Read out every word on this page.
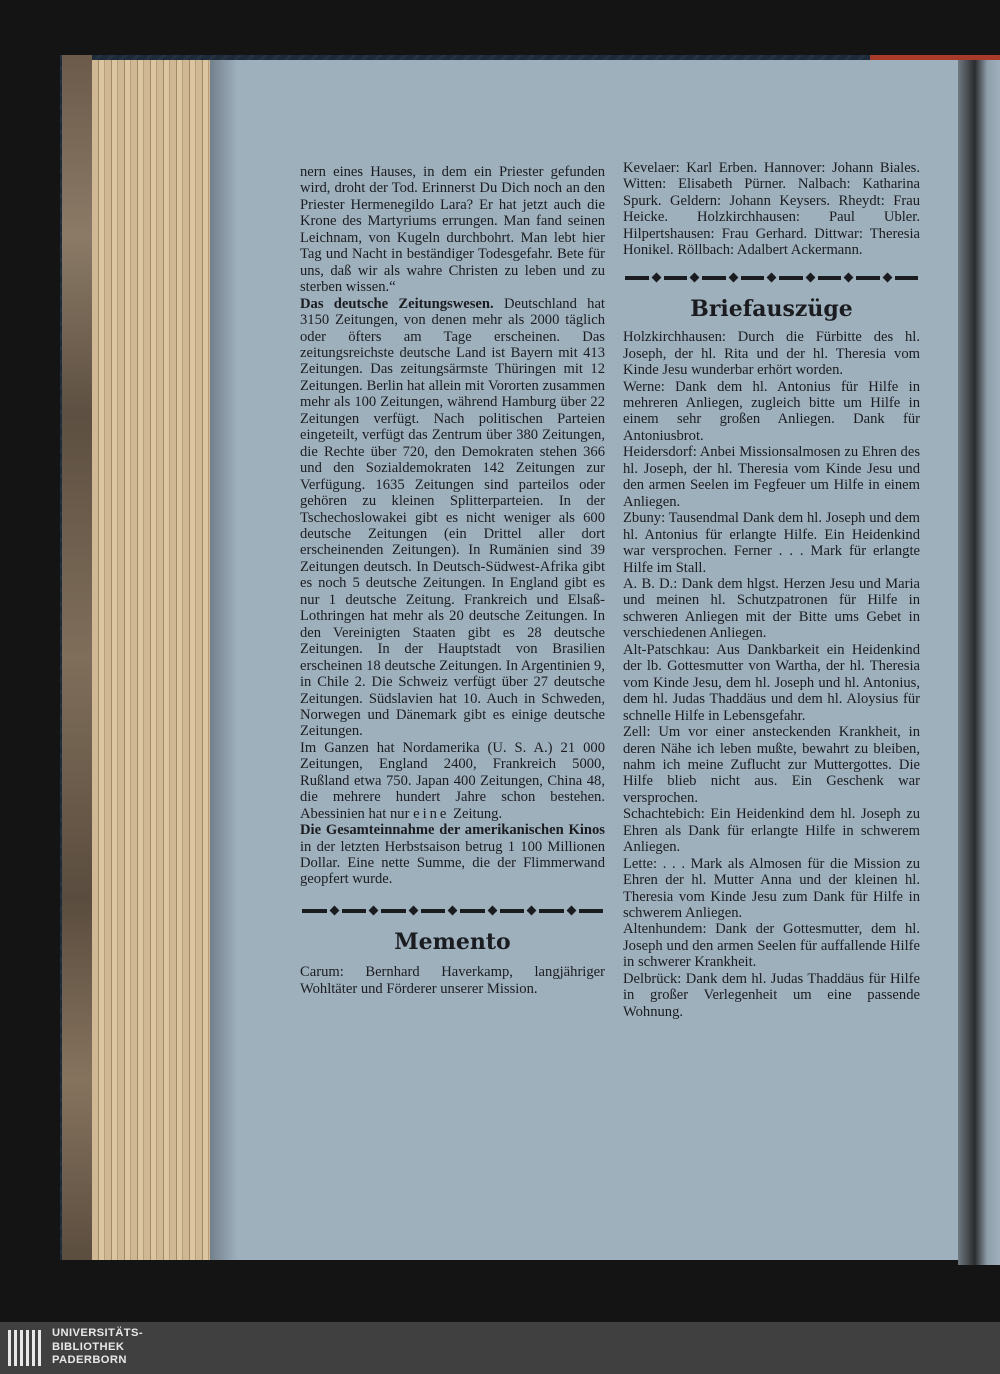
nern eines Hauses, in dem ein Priester gefunden wird, droht der Tod. Erinnerst Du Dich noch an den Priester Hermenegildo Lara? Er hat jetzt auch die Krone des Martyriums errungen. Man fand seinen Leichnam, von Kugeln durchbohrt. Man lebt hier Tag und Nacht in beständiger Todesgefahr. Bete für uns, daß wir als wahre Christen zu leben und zu sterben wissen.“

Das deutsche Zeitungswesen. Deutschland hat 3150 Zeitungen, von denen mehr als 2000 täglich oder öfters am Tage erscheinen. Das zeitungsreichste deutsche Land ist Bayern mit 413 Zeitungen. Das zeitungsärmste Thüringen mit 12 Zeitungen. Berlin hat allein mit Vororten zusammen mehr als 100 Zeitungen, während Hamburg über 22 Zeitungen verfügt. Nach politischen Parteien eingeteilt, verfügt das Zentrum über 380 Zeitungen, die Rechte über 720, den Demokraten stehen 366 und den Sozialdemokraten 142 Zeitungen zur Verfügung. 1635 Zeitungen sind parteilos oder gehören zu kleinen Splitterparteien. In der Tschechoslowakei gibt es nicht weniger als 600 deutsche Zeitungen (ein Drittel aller dort erscheinenden Zeitungen). In Rumänien sind 39 Zeitungen deutsch. In Deutsch-Südwest-Afrika gibt es noch 5 deutsche Zeitungen. In England gibt es nur 1 deutsche Zeitung. Frankreich und Elsaß-Lothringen hat mehr als 20 deutsche Zeitungen. In den Vereinigten Staaten gibt es 28 deutsche Zeitungen. In der Hauptstadt von Brasilien erscheinen 18 deutsche Zeitungen. In Argentinien 9, in Chile 2. Die Schweiz verfügt über 27 deutsche Zeitungen. Südslavien hat 10. Auch in Schweden, Norwegen und Dänemark gibt es einige deutsche Zeitungen.

Im Ganzen hat Nordamerika (U. S. A.) 21 000 Zeitungen, England 2400, Frankreich 5000, Rußland etwa 750. Japan 400 Zeitungen, China 48, die mehrere hundert Jahre schon bestehen. Abessinien hat nur eine Zeitung.

Die Gesamteinnahme der amerikanischen Kinos in der letzten Herbstsaison betrug 1 100 Millionen Dollar. Eine nette Summe, die der Flimmerwand geopfert wurde.

Memento

Carum: Bernhard Haverkamp, langjähriger Wohltäter und Förderer unserer Mission.

Kevelaer: Karl Erben. Hannover: Johann Biales. Witten: Elisabeth Pürner. Nalbach: Katharina Spurk. Geldern: Johann Keysers. Rheydt: Frau Heicke. Holzkirchhausen: Paul Ubler. Hilpertshausen: Frau Gerhard. Dittwar: Theresia Honikel. Röllbach: Adalbert Ackermann.

Briefauszüge

Holzkirchhausen: Durch die Fürbitte des hl. Joseph, der hl. Rita und der hl. Theresia vom Kinde Jesu wunderbar erhört worden.

Werne: Dank dem hl. Antonius für Hilfe in mehreren Anliegen, zugleich bitte um Hilfe in einem sehr großen Anliegen. Dank für Antoniusbrot.

Heidersdorf: Anbei Missionsalmosen zu Ehren des hl. Joseph, der hl. Theresia vom Kinde Jesu und den armen Seelen im Fegfeuer um Hilfe in einem Anliegen.

Zbuny: Tausendmal Dank dem hl. Joseph und dem hl. Antonius für erlangte Hilfe. Ein Heidenkind war versprochen. Ferner . . . Mark für erlangte Hilfe im Stall.

A. B. D.: Dank dem hlgst. Herzen Jesu und Maria und meinen hl. Schutzpatronen für Hilfe in schweren Anliegen mit der Bitte ums Gebet in verschiedenen Anliegen.

Alt-Patschkau: Aus Dankbarkeit ein Heidenkind der lb. Gottesmutter von Wartha, der hl. Theresia vom Kinde Jesu, dem hl. Joseph und hl. Antonius, dem hl. Judas Thaddäus und dem hl. Aloysius für schnelle Hilfe in Lebensgefahr.

Zell: Um vor einer ansteckenden Krankheit, in deren Nähe ich leben mußte, bewahrt zu bleiben, nahm ich meine Zuflucht zur Muttergottes. Die Hilfe blieb nicht aus. Ein Geschenk war versprochen.

Schachtebich: Ein Heidenkind dem hl. Joseph zu Ehren als Dank für erlangte Hilfe in schwerem Anliegen.

Lette: . . . Mark als Almosen für die Mission zu Ehren der hl. Mutter Anna und der kleinen hl. Theresia vom Kinde Jesu zum Dank für Hilfe in schwerem Anliegen.

Altenhundem: Dank der Gottesmutter, dem hl. Joseph und den armen Seelen für auffallende Hilfe in schwerer Krankheit.

Delbrück: Dank dem hl. Judas Thaddäus für Hilfe in großer Verlegenheit um eine passende Wohnung.

UNIVERSITÄTS-
BIBLIOTHEK
PADERBORN
